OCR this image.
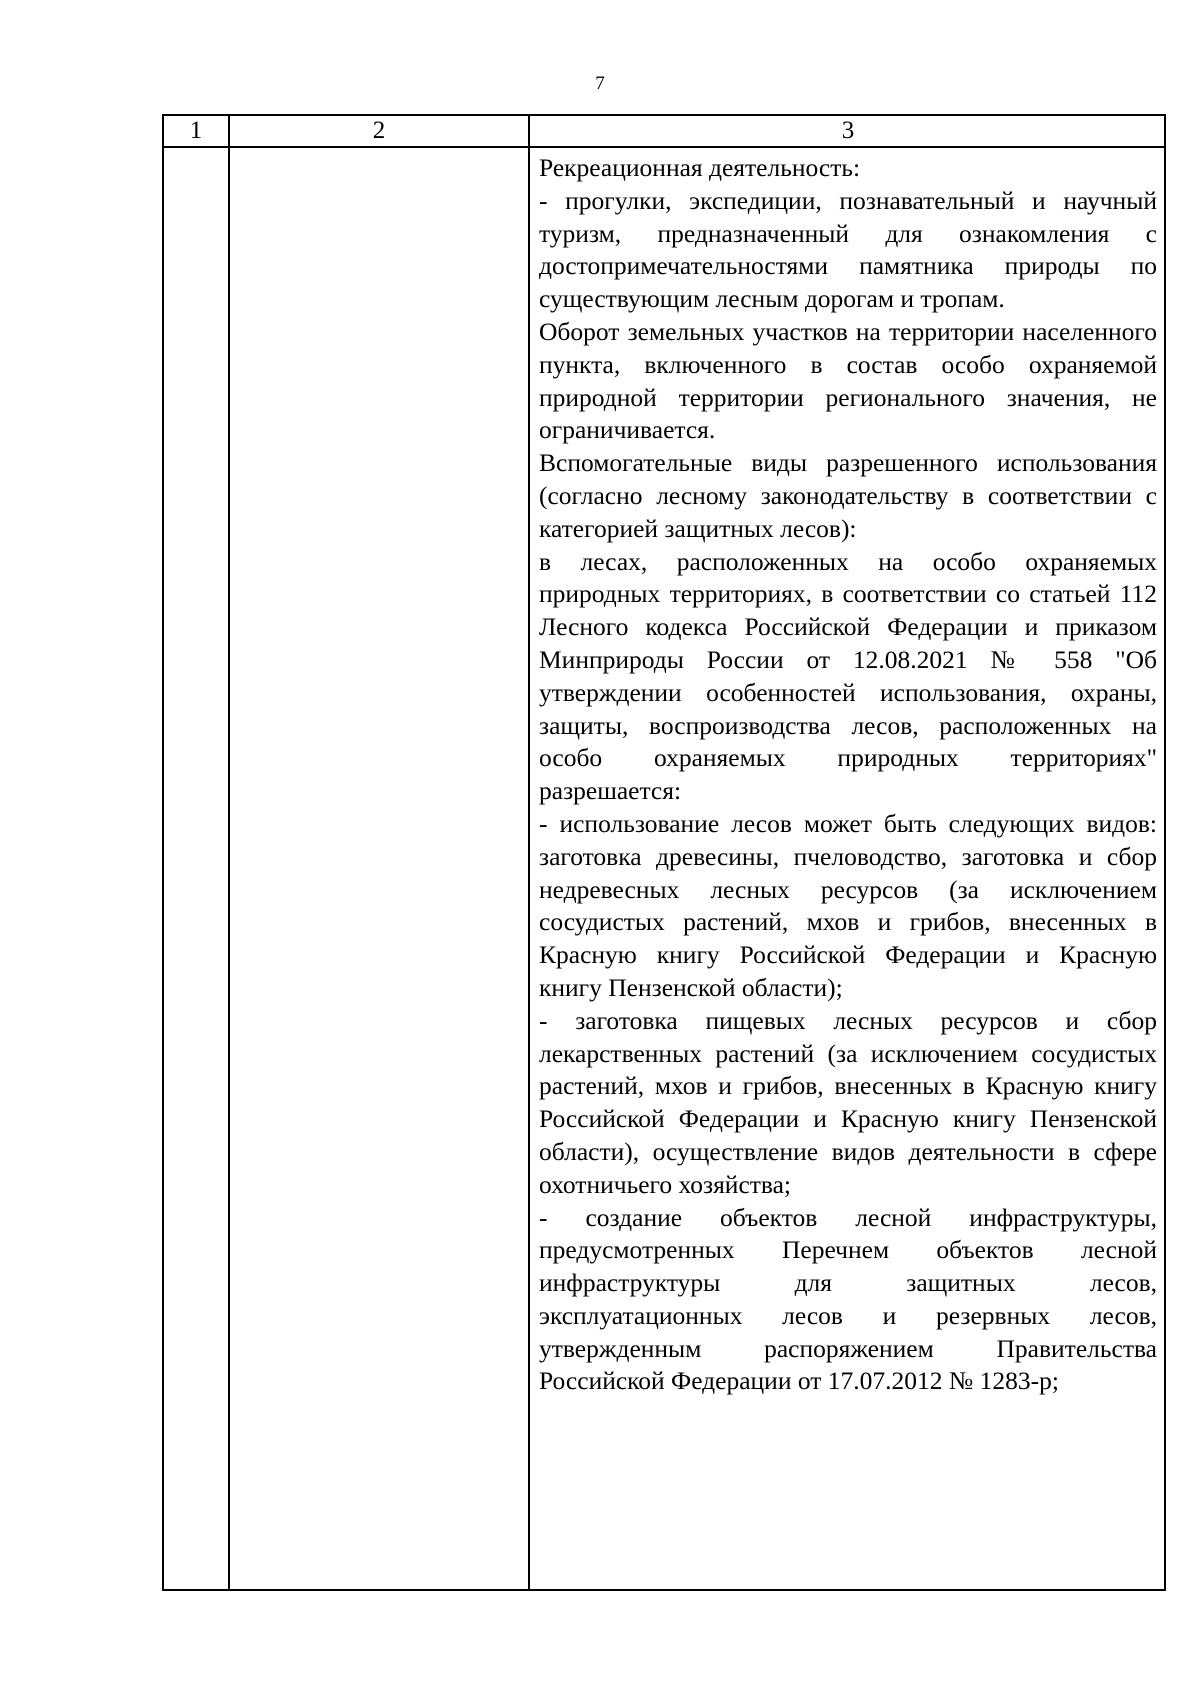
7
1	2	3

Рекреационная деятельность:

- прогулки, экспедиции, познавательный и научный туризм, предназначенный для ознакомления с достопримечательностями памятника природы по существующим лесным дорогам и тропам.

Оборот земельных участков на территории населенного пункта, включенного в состав особо охраняемой природной территории регионального значения, не ограничивается.

Вспомогательные виды разрешенного использования (согласно лесному законодательству в соответствии с категорией защитных лесов):

в лесах, расположенных на особо охраняемых природных территориях, в соответствии со статьей 112 Лесного кодекса Российской Федерации и приказом Минприроды России от 12.08.2021 № 558 "Об утверждении особенностей использования, охраны, защиты, воспроизводства лесов, расположенных на особо охраняемых природных территориях" разрешается:

- использование лесов может быть следующих видов: заготовка древесины, пчеловодство, заготовка и сбор недревесных лесных ресурсов (за исключением сосудистых растений, мхов и грибов, внесенных в Красную книгу Российской Федерации и Красную книгу Пензенской области);

- заготовка пищевых лесных ресурсов и сбор лекарственных растений (за исключением сосудистых растений, мхов и грибов, внесенных в Красную книгу Российской Федерации и Красную книгу Пензенской области), осуществление видов деятельности в сфере охотничьего хозяйства;

- создание объектов лесной инфраструктуры, предусмотренных Перечнем объектов лесной инфраструктуры для защитных лесов, эксплуатационных лесов и резервных лесов, утвержденным распоряжением Правительства Российской Федерации от 17.07.2012 № 1283-р;
